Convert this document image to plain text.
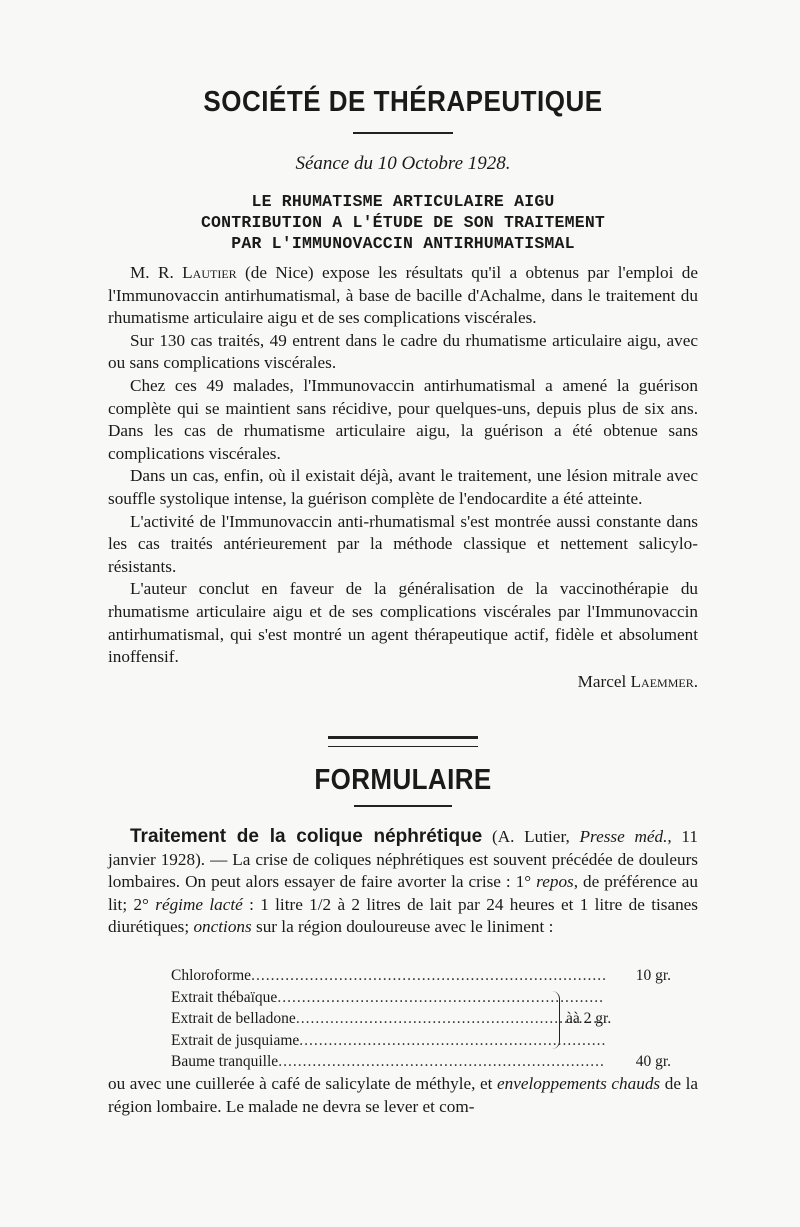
SOCIÉTÉ DE THÉRAPEUTIQUE
Séance du 10 Octobre 1928.
LE RHUMATISME ARTICULAIRE AIGU
CONTRIBUTION A L'ÉTUDE DE SON TRAITEMENT
PAR L'IMMUNOVACCIN ANTIRHUMATISMAL

M. R. Lautier (de Nice) expose les résultats qu'il a obtenus par l'emploi de l'Immunovaccin antirhumatismal, à base de bacille d'Achalme, dans le traitement du rhumatisme articulaire aigu et de ses complications viscérales.

Sur 130 cas traités, 49 entrent dans le cadre du rhumatisme articulaire aigu, avec ou sans complications viscérales.

Chez ces 49 malades, l'Immunovaccin antirhumatismal a amené la guérison complète qui se maintient sans récidive, pour quelques-uns, depuis plus de six ans. Dans les cas de rhumatisme articulaire aigu, la guérison a été obtenue sans complications viscérales.

Dans un cas, enfin, où il existait déjà, avant le traitement, une lésion mitrale avec souffle systolique intense, la guérison complète de l'endocardite a été atteinte.

L'activité de l'Immunovaccin anti-rhumatismal s'est montrée aussi constante dans les cas traités antérieurement par la méthode classique et nettement salicylo-résistants.

L'auteur conclut en faveur de la généralisation de la vaccinothérapie du rhumatisme articulaire aigu et de ses complications viscérales par l'Immunovaccin antirhumatismal, qui s'est montré un agent thérapeutique actif, fidèle et absolument inoffensif.

Marcel Laemmer.
FORMULAIRE

Traitement de la colique néphrétique (A. Lutier, Presse méd., 11 janvier 1928). — La crise de coliques néphrétiques est souvent précédée de douleurs lombaires. On peut alors essayer de faire avorter la crise : 1° repos, de préférence au lit; 2° régime lacté : 1 litre 1/2 à 2 litres de lait par 24 heures et 1 litre de tisanes diurétiques; onctions sur la région douloureuse avec le liniment :

Chloroforme .....	10 gr.
Extrait thébaïque
.....
Extrait de belladone
.....
Extrait de jusquiame
.....
Baume tranquille .....	40 gr.
àà 2 gr.
ou avec une cuillerée à café de salicylate de méthyle, et enveloppements chauds de la région lombaire. Le malade ne devra se lever et com-
